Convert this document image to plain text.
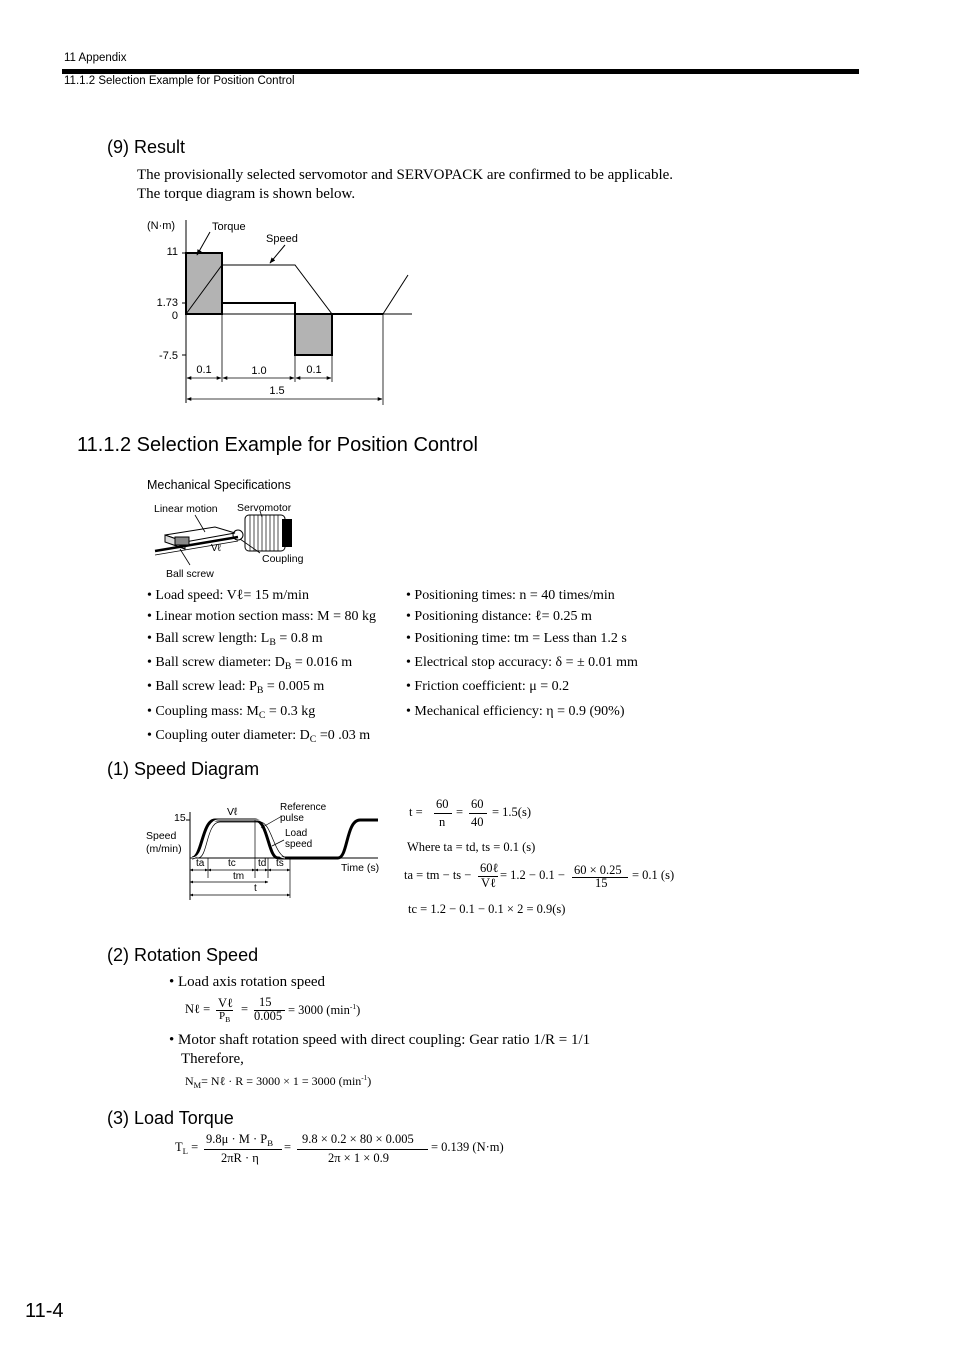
11 Appendix
11.1.2 Selection Example for Position Control
(9) Result
The provisionally selected servomotor and SERVOPACK are confirmed to be applicable.
The torque diagram is shown below.
(N·m)	Torque
Speed
11
1.73
0
-7.5
0.1	1.0	0.1
1.5
11.1.2 Selection Example for Position Control
Mechanical Specifications
Linear motion Servomotor
Coupling
Ball screw
Vℓ
• Load speed: Vℓ= 15 m/min
• Linear motion section mass: M = 80 kg
• Ball screw length: $L_B = 0.8$ m
• Ball screw diameter: $D_B = 0.016$ m
• Ball screw lead: $P_B = 0.005$ m
• Coupling mass: $M_C = 0.3$ kg
• Coupling outer diameter: $D_C =0$ .03 m
• Positioning times: n = 40 times/min
• Positioning distance: ℓ= 0.25 m
• Positioning time: tm = Less than 1.2 s
• Electrical stop accuracy: δ = ± 0.01 mm
• Friction coefficient: μ = 0.2
• Mechanical efficiency: η = 0.9 (90%)
(1) Speed Diagram
15	Vℓ
Speed
(m/min)
Reference
pulse
Load
speed
Time (s)
ta tc td ts
tm
t
t =
60
n
=
60
40
= 1.5(s)
Where ta = td, ts = 0.1 (s)
ta = tm − ts − 60ℓ
Vℓ
= 1.2 − 0.1 − 60 × 0.25
15
= 0.1 (s)
tc = 1.2 − 0.1 − 0.1 × 2 = 0.9(s)
(2) Rotation Speed
• Load axis rotation speed
Nℓ = Vℓ
$P_B$
= 15
0.005 = 3000 $(\min^{-1})$
• Motor shaft rotation speed with direct coupling: Gear ratio 1/R = 1/1
Therefore,
$N_M=$ Nℓ · R = 3000 × 1 = 3000 $(\min^{-1})$
(3) Load Torque
$T_L$ =
$9.8\mu \cdot M \cdot P_B$
2πR · η
=
9.8 × 0.2 × 80 × 0.005
2π × 1 × 0.9
= 0.139 (N·m)
11-4
